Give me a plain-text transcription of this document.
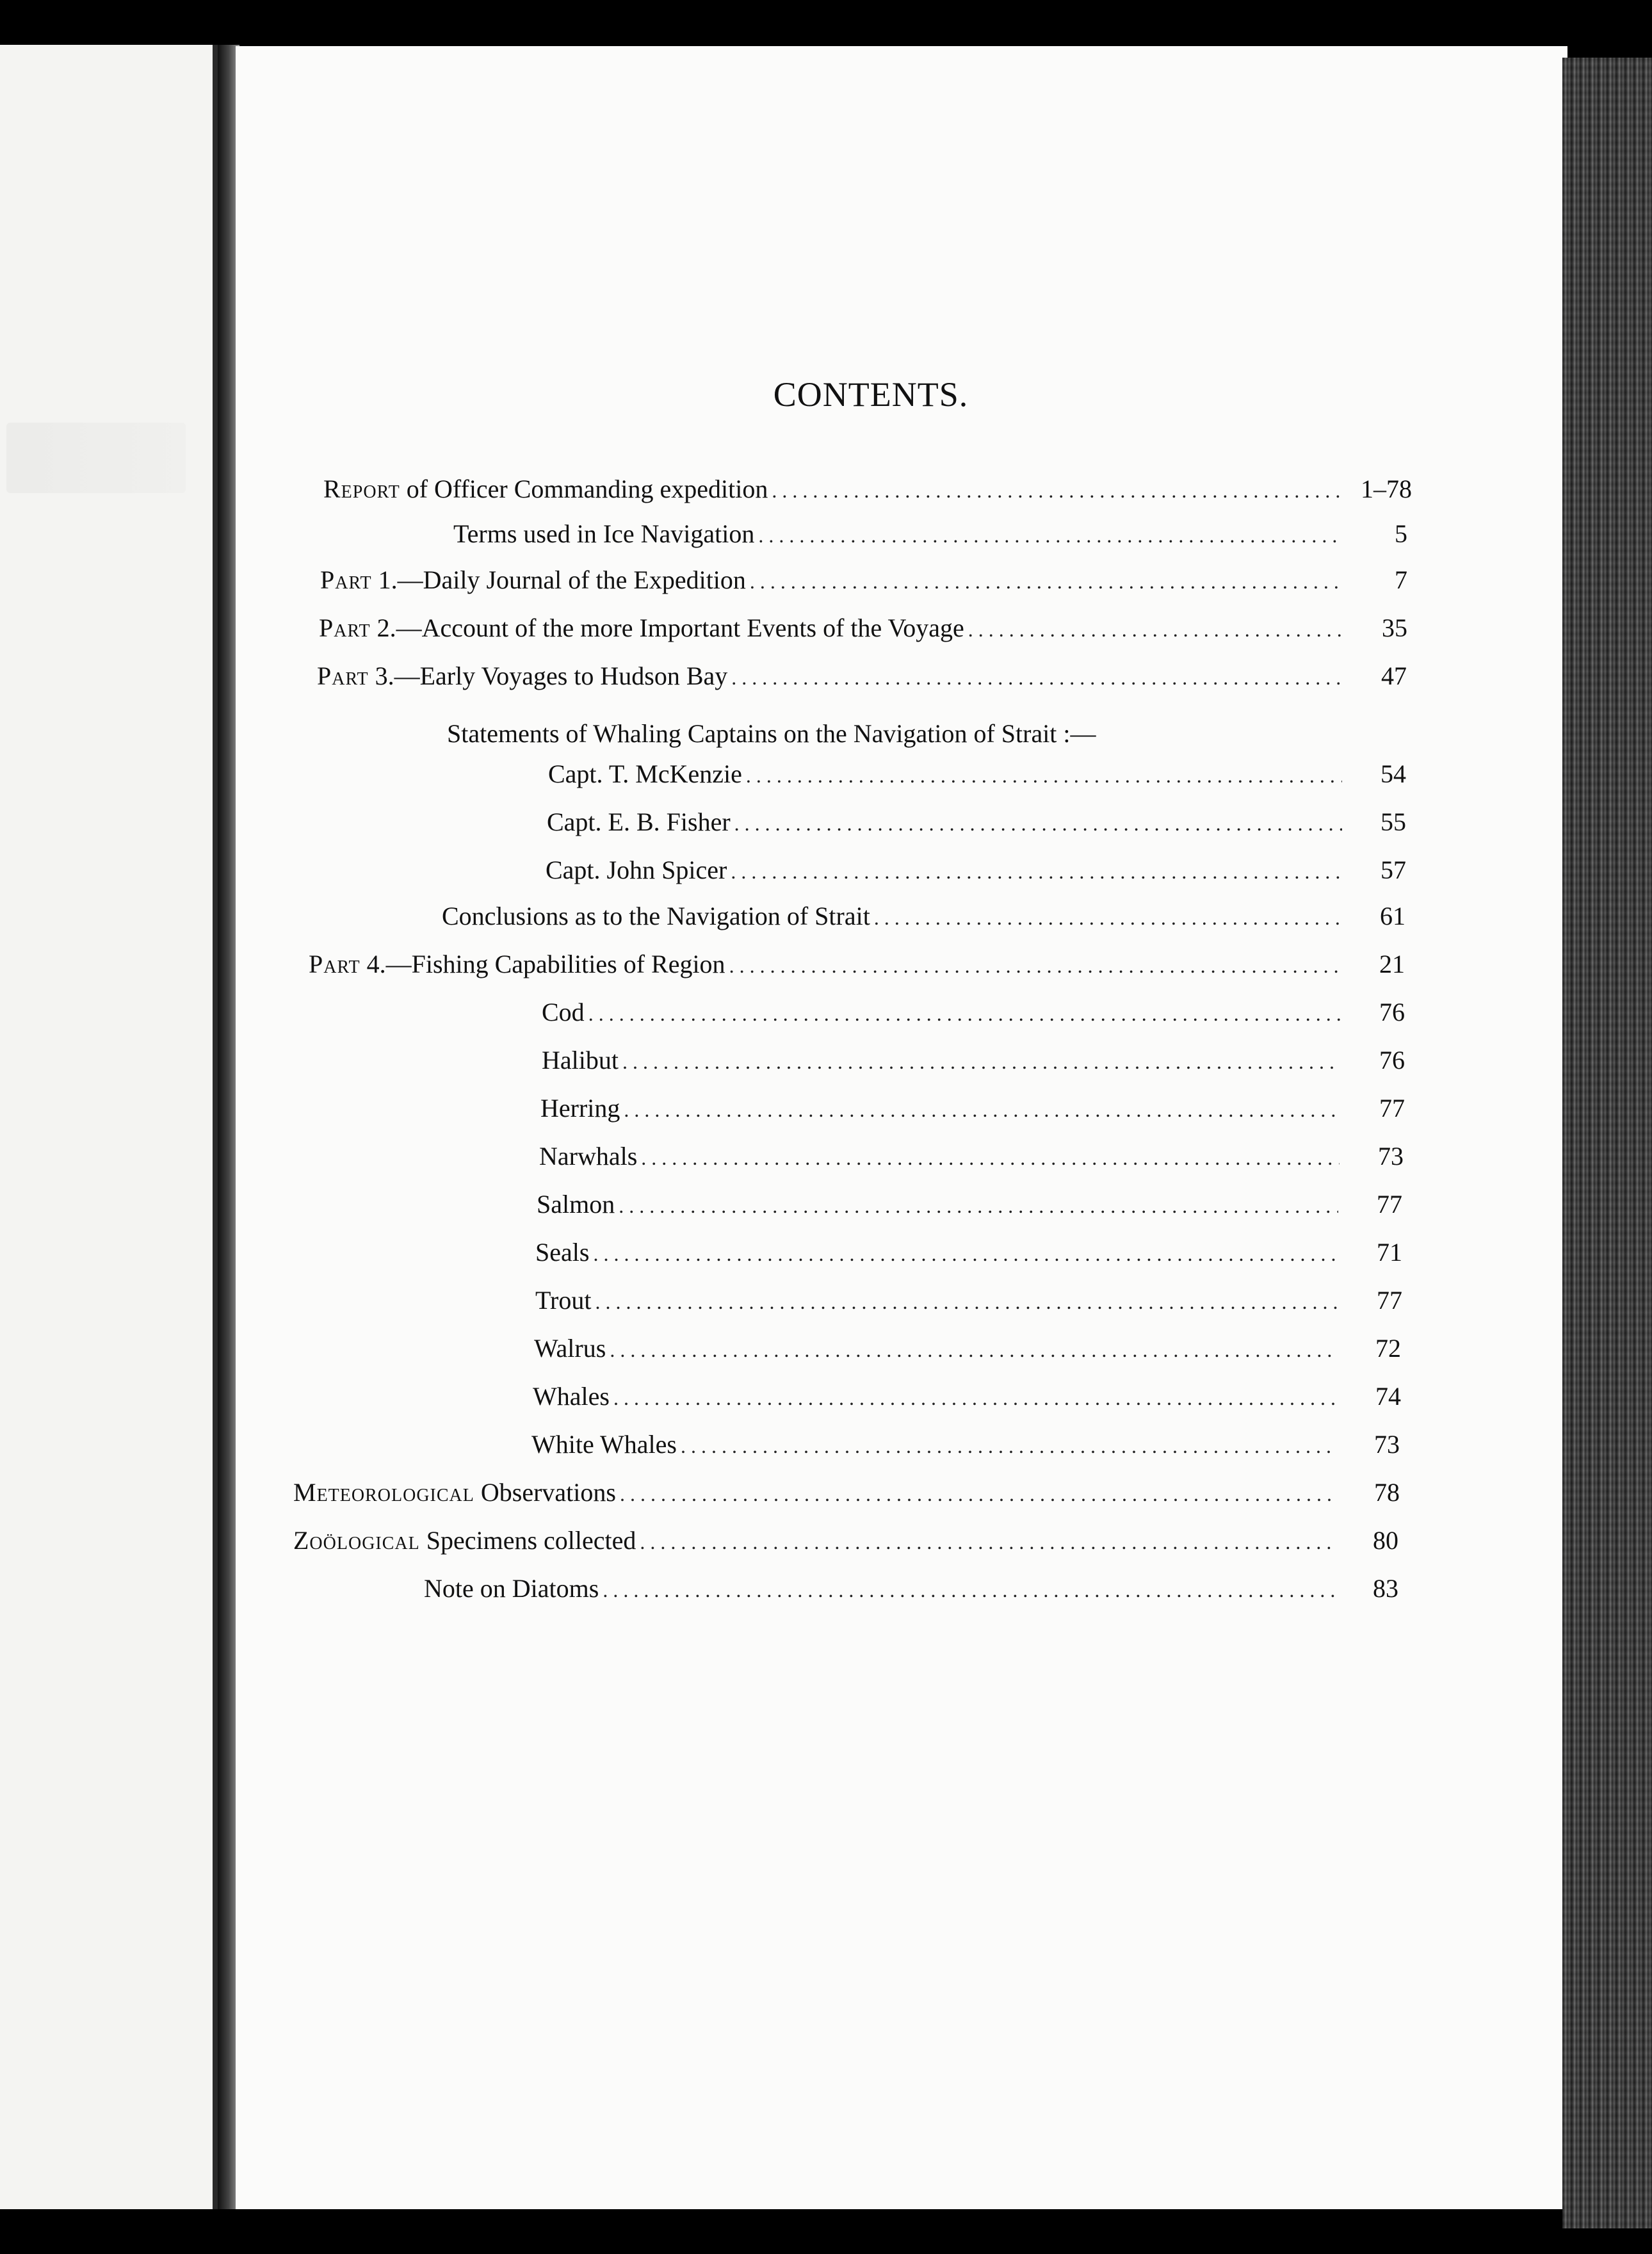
CONTENTS.
Report of Officer Commanding expedition . . .	1–78
Terms used in Ice Navigation . . .	5
Part 1.—Daily Journal of the Expedition . . .	7
Part 2.—Account of the more Important Events of the Voyage . . .	35
Part 3.—Early Voyages to Hudson Bay . . .	47
Statements of Whaling Captains on the Navigation of Strait :—
Capt. T. McKenzie . . .	54
Capt. E. B. Fisher . . .	55
Capt. John Spicer . . .	57
Conclusions as to the Navigation of Strait . . .	61
Part 4.—Fishing Capabilities of Region . . .	21
Cod . . .	76
Halibut . . .	76
Herring . . .	77
Narwhals . . .	73
Salmon . . .	77
Seals . . .	71
Trout . . .	77
Walrus . . .	72
Whales . . .	74
White Whales . . .	73
Meteorological Observations . . .	78
Zoölogical Specimens collected . . .	80
Note on Diatoms . . .	83
